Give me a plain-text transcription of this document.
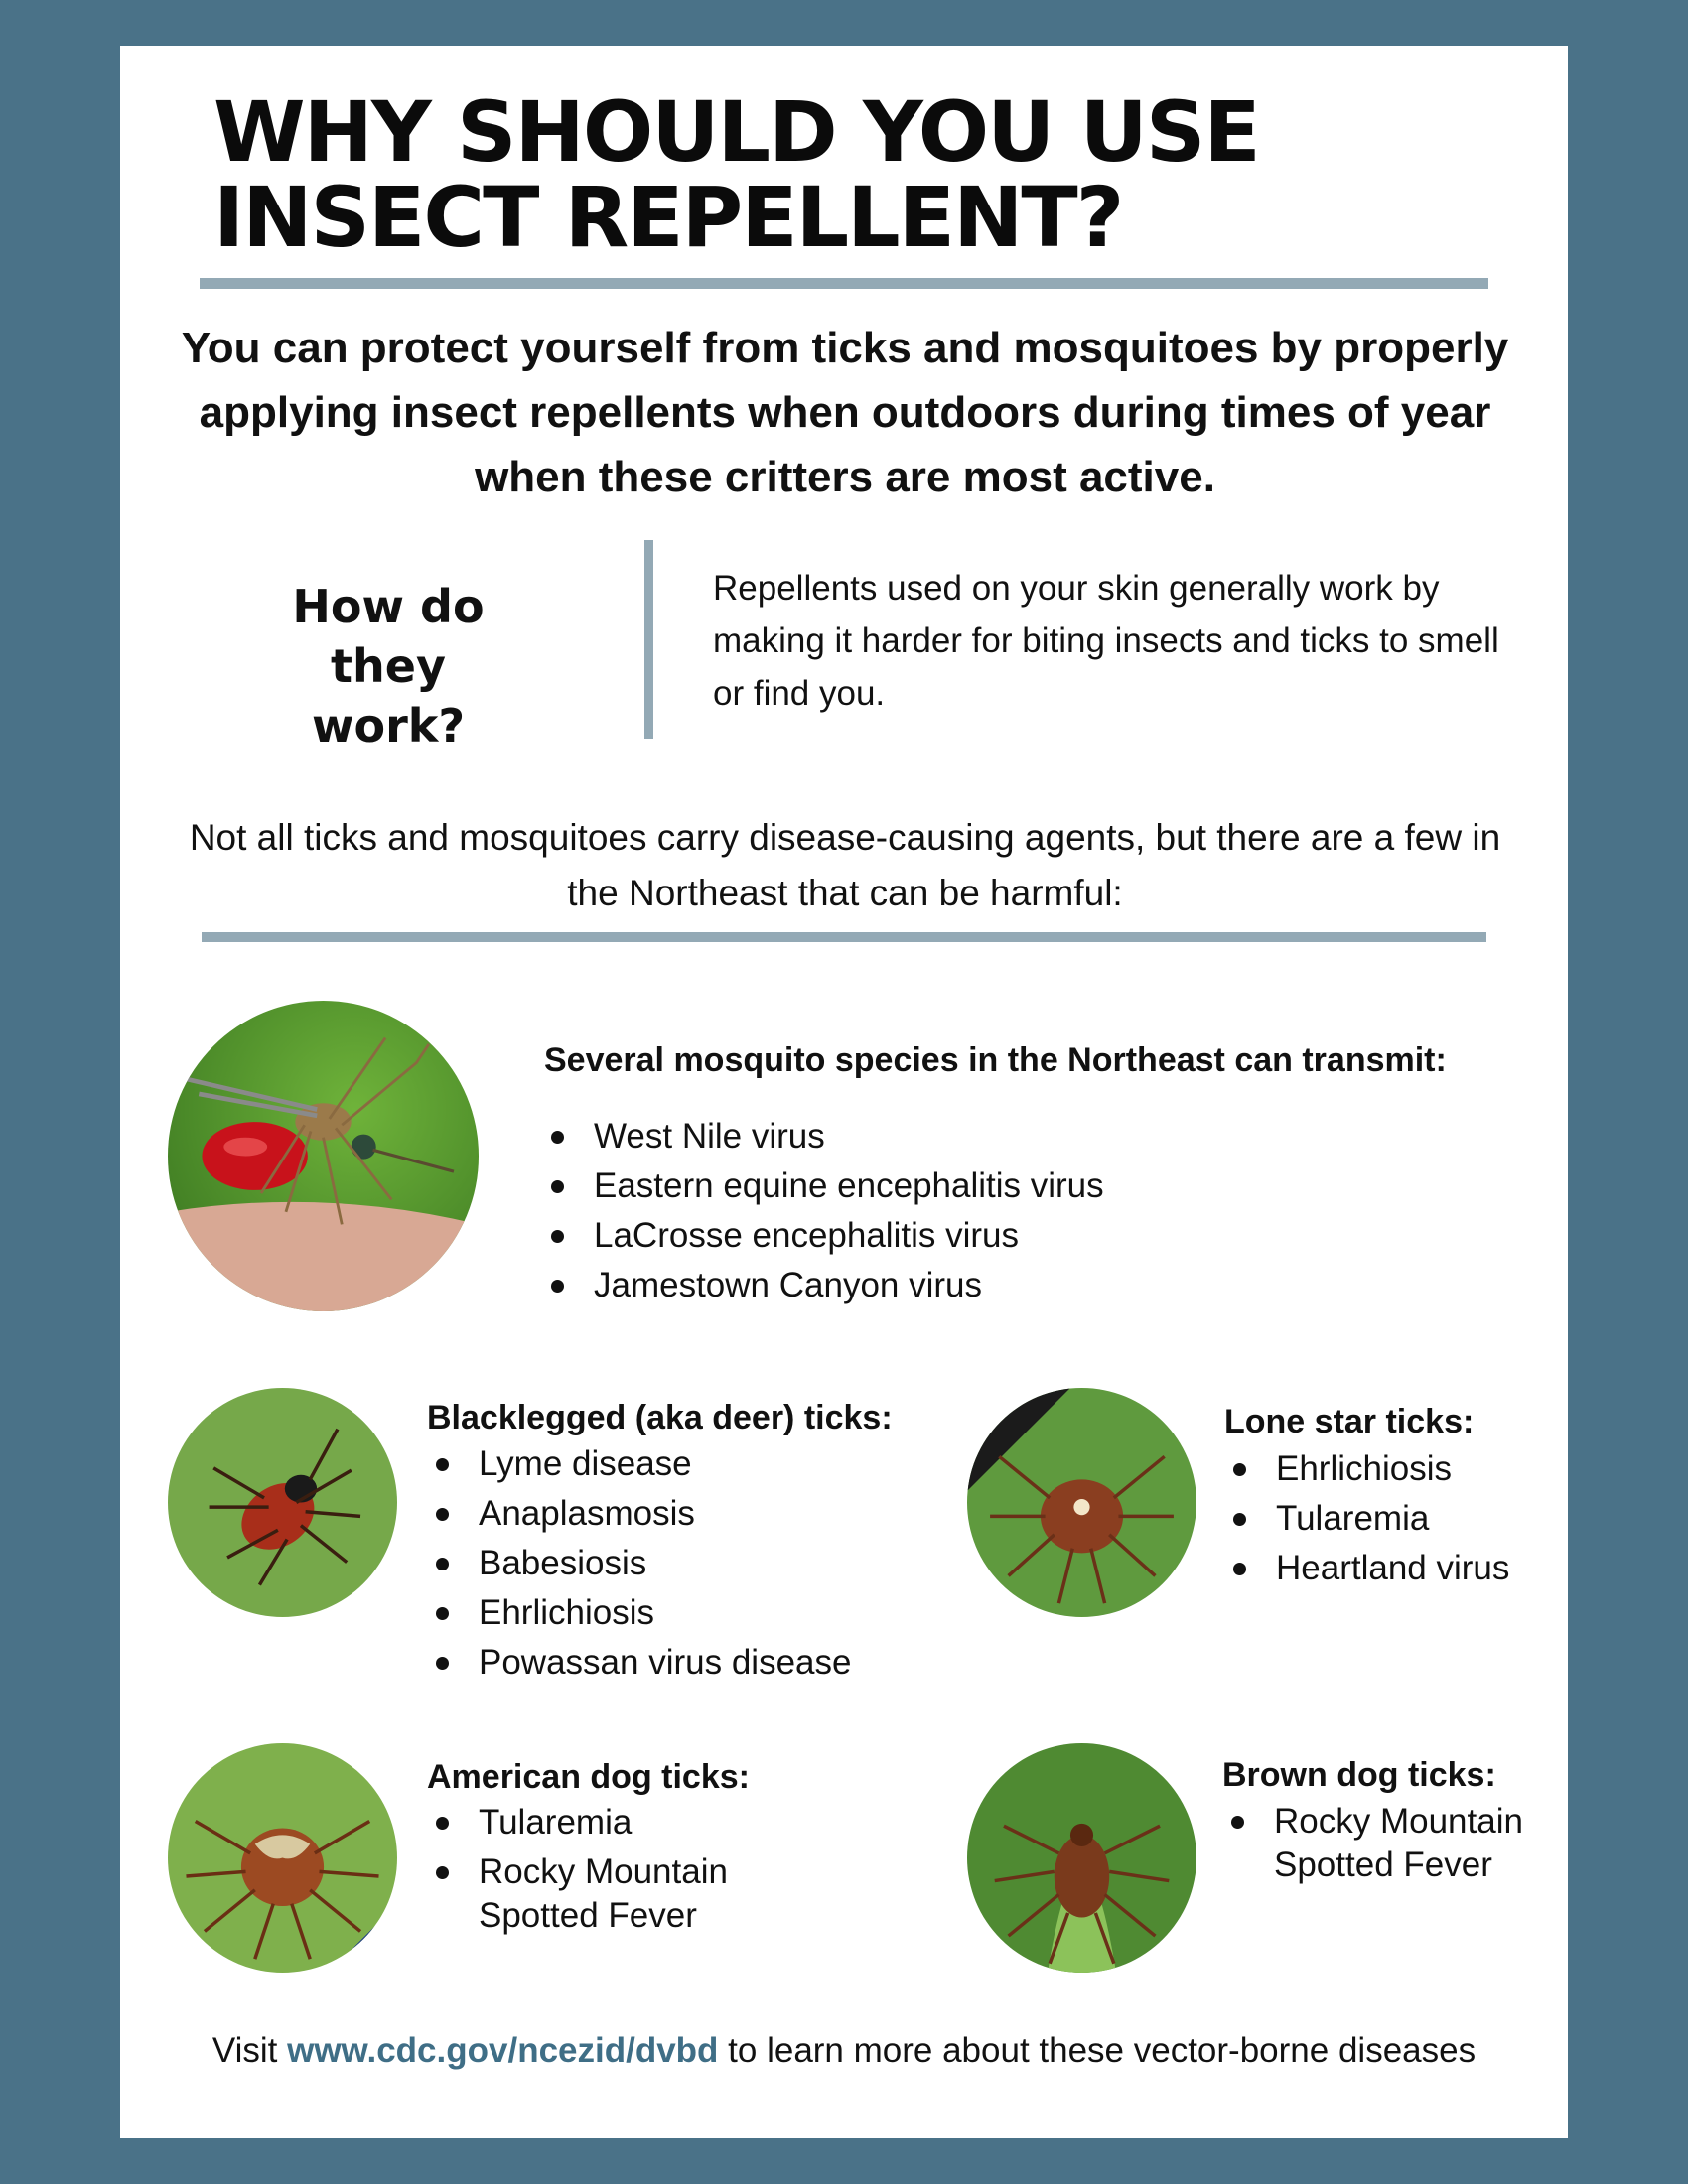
WHY SHOULD YOU USE
INSECT REPELLENT?

You can protect yourself from ticks and mosquitoes by properly applying insect repellents when outdoors during times of year when these critters are most active.

How do they
work?
Repellents used on your skin generally work by making it harder for biting insects and ticks to smell or find you.
Not all ticks and mosquitoes carry disease-causing agents, but there are a few in the Northeast that can be harmful:
Several mosquito species in the Northeast can transmit:
West Nile virus
Eastern equine encephalitis virus
LaCrosse encephalitis virus
Jamestown Canyon virus
Blacklegged (aka deer) ticks:
Lyme disease
Anaplasmosis
Babesiosis
Ehrlichiosis
Powassan virus disease
Lone star ticks:
Ehrlichiosis
Tularemia
Heartland virus
American dog ticks:
Tularemia
Rocky Mountain
Spotted Fever
Brown dog ticks:
Rocky Mountain
Spotted Fever
Visit www.cdc.gov/ncezid/dvbd to learn more about these vector-borne diseases
